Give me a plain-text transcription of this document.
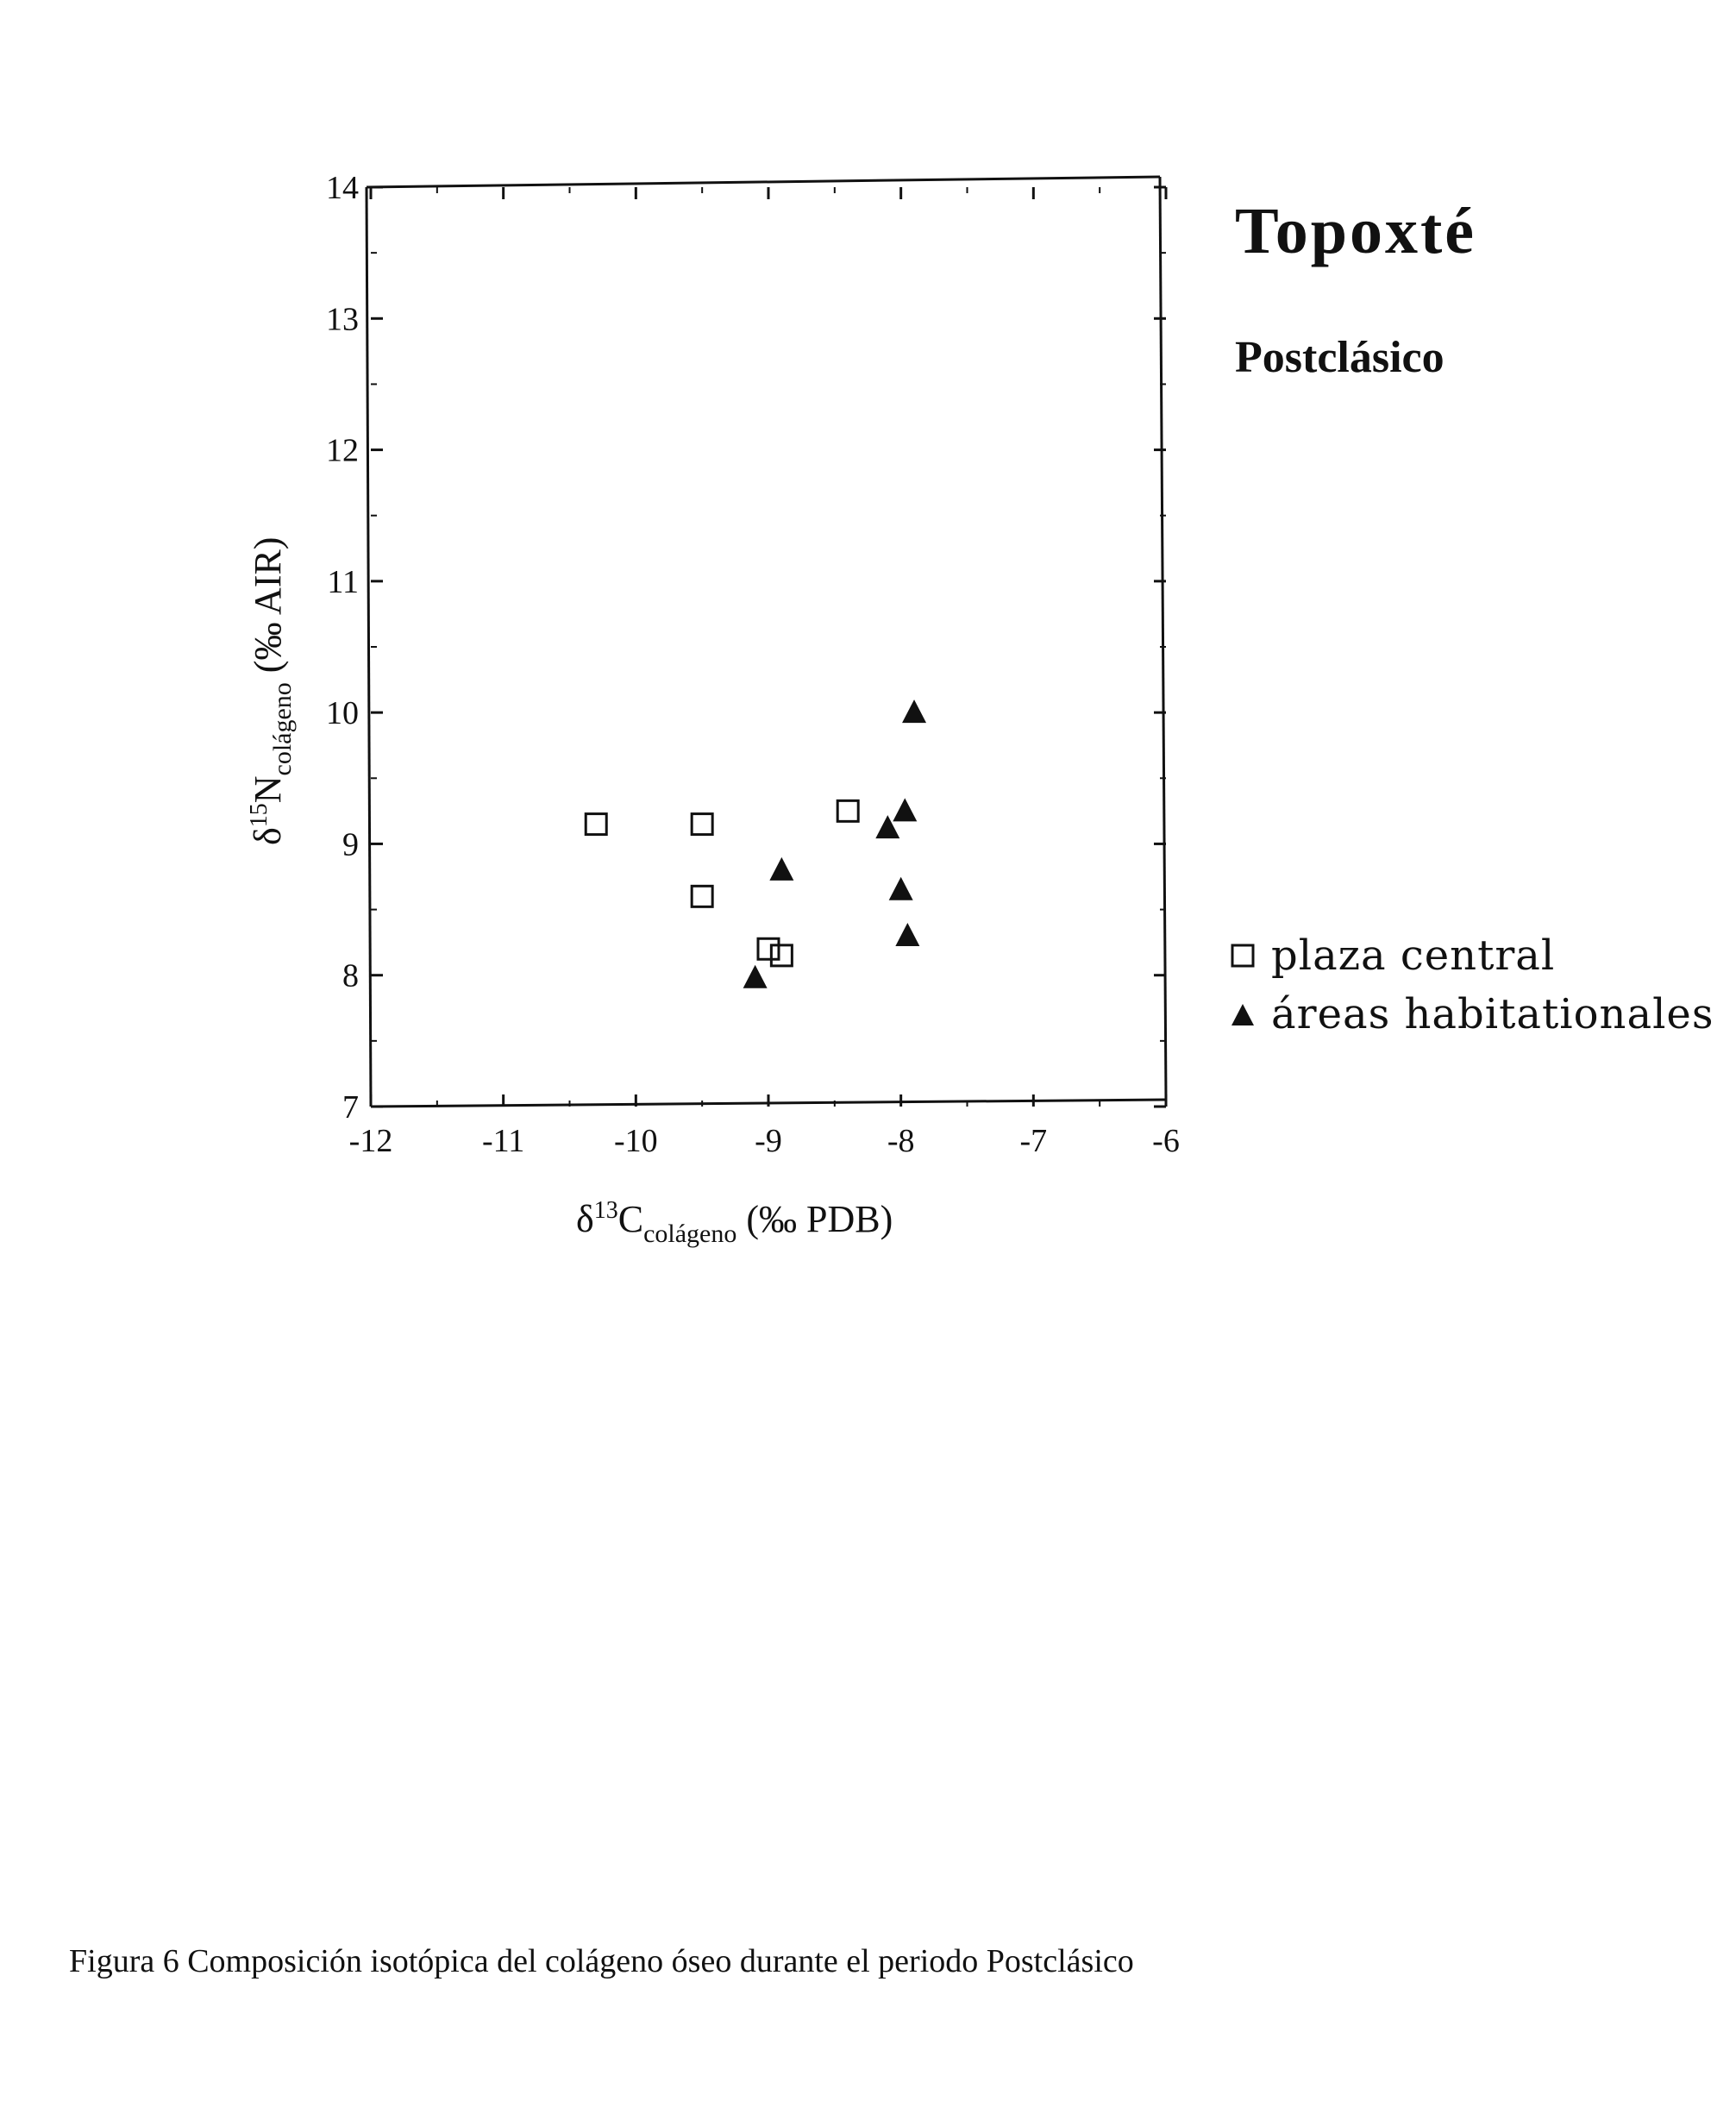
-12	-11	-10	-9	-8	-7	-6
7
8
9
10
11
12
13
14
$\delta^{13}C_{colágeno}$ (‰ PDB)
$\delta^{15}N_{colágeno}$ (‰ AIR)
Topoxté
Postclásico
plaza central
áreas habitationales
Figura 6 Composición isotópica del colágeno óseo durante el periodo Postclásico
